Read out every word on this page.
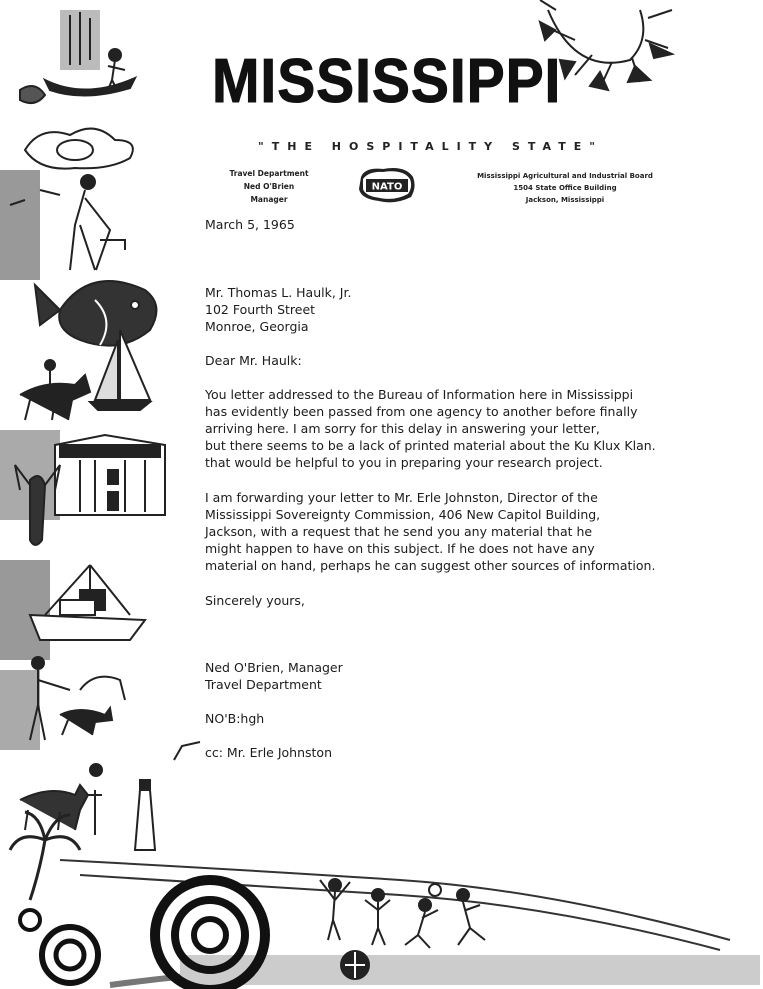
MISSISSIPPI
"THE HOSPITALITY STATE"
Travel Department
Ned O'Brien
Manager
NATO
Mississippi Agricultural and Industrial Board
1504 State Office Building
Jackson, Mississippi
March 5, 1965
Mr. Thomas L. Haulk, Jr.
102 Fourth Street
Monroe, Georgia
Dear Mr. Haulk:
You letter addressed to the Bureau of Information here in Mississippi
has evidently been passed from one agency to another before finally
arriving here. I am sorry for this delay in answering your letter,
but there seems to be a lack of printed material about the Ku Klux Klan.
that would be helpful to you in preparing your research project.
I am forwarding your letter to Mr. Erle Johnston, Director of the
Mississippi Sovereignty Commission, 406 New Capitol Building,
Jackson, with a request that he send you any material that he
might happen to have on this subject. If he does not have any
material on hand, perhaps he can suggest other sources of information.
Sincerely yours,
Ned O'Brien, Manager
Travel Department
NO'B:hgh
cc: Mr. Erle Johnston
